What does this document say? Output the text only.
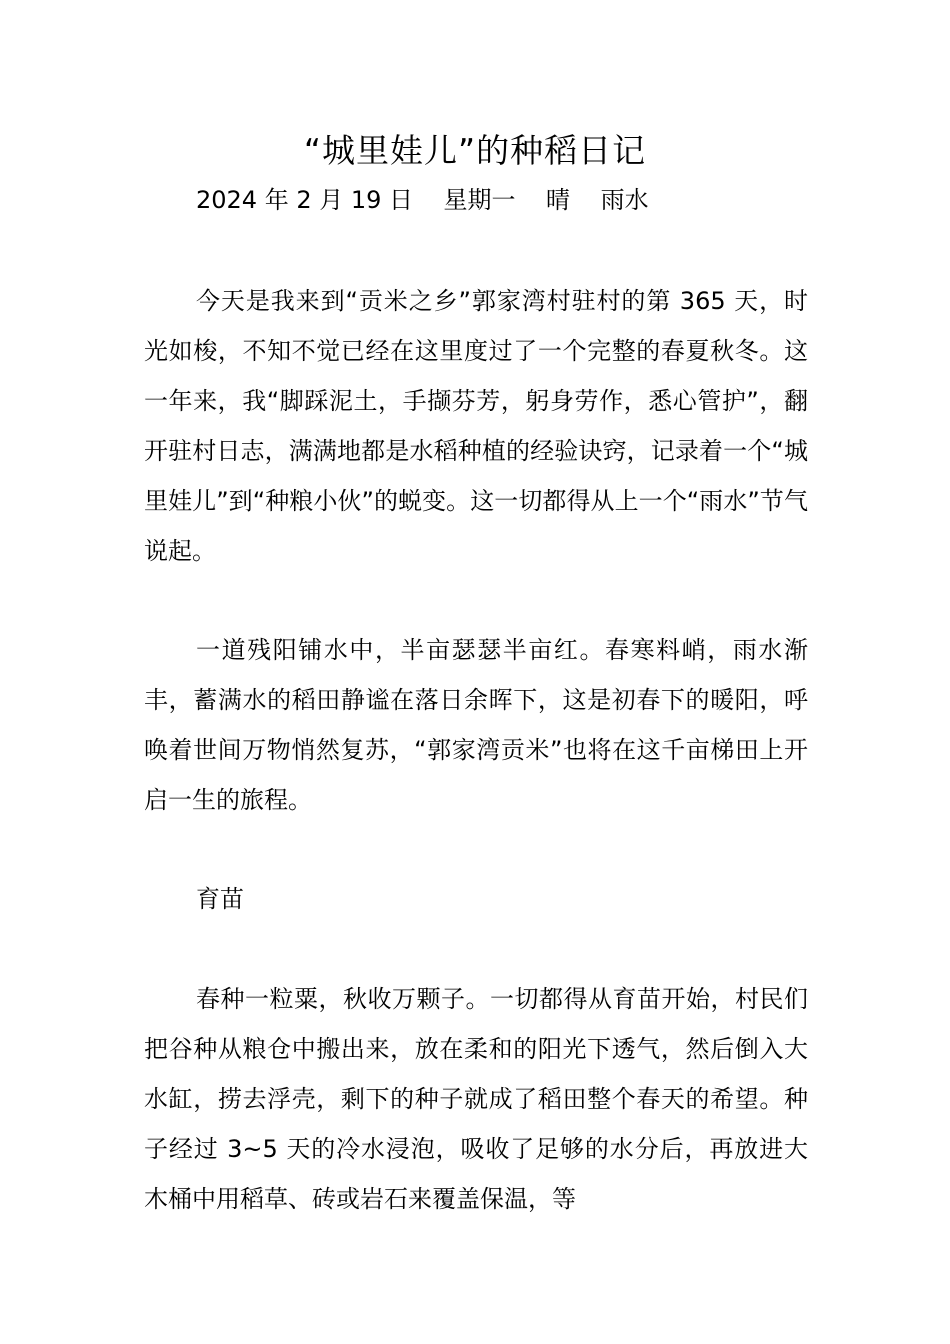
“城里娃儿”的种稻日记
2024 年 2 月 19 日    星期一    晴    雨水

今天是我来到“贡米之乡”郭家湾村驻村的第 365 天，时光如梭，不知不觉已经在这里度过了一个完整的春夏秋冬。这一年来，我“脚踩泥土，手撷芬芳，躬身劳作，悉心管护”，翻开驻村日志，满满地都是水稻种植的经验诀窍，记录着一个“城里娃儿”到“种粮小伙”的蜕变。这一切都得从上一个“雨水”节气说起。

一道残阳铺水中，半亩瑟瑟半亩红。春寒料峭，雨水渐丰，蓄满水的稻田静谧在落日余晖下，这是初春下的暖阳，呼唤着世间万物悄然复苏，“郭家湾贡米”也将在这千亩梯田上开启一生的旅程。

育苗

春种一粒粟，秋收万颗子。一切都得从育苗开始，村民们把谷种从粮仓中搬出来，放在柔和的阳光下透气，然后倒入大水缸，捞去浮壳，剩下的种子就成了稻田整个春天的希望。种子经过 3~5 天的冷水浸泡，吸收了足够的水分后，再放进大木桶中用稻草、砖或岩石来覆盖保温，等
